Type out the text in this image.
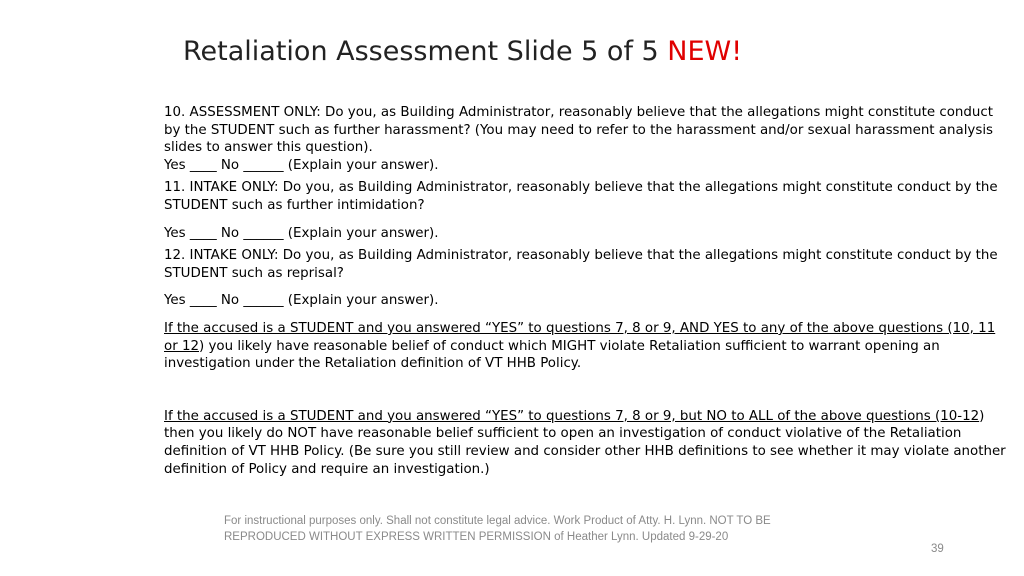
Retaliation Assessment Slide 5 of 5 NEW!

10. ASSESSMENT ONLY: Do you, as Building Administrator, reasonably believe that the allegations might constitute conduct by the STUDENT such as further harassment? (You may need to refer to the harassment and/or sexual harassment analysis slides to answer this question).

Yes ____ No ______ (Explain your answer).

11. INTAKE ONLY: Do you, as Building Administrator, reasonably believe that the allegations might constitute conduct by the STUDENT such as further intimidation?

Yes ____ No ______ (Explain your answer).

12. INTAKE ONLY: Do you, as Building Administrator, reasonably believe that the allegations might constitute conduct by the STUDENT such as reprisal?

Yes ____ No ______ (Explain your answer).

If the accused is a STUDENT and you answered “YES” to questions 7, 8 or 9, AND YES to any of the above questions (10, 11 or 12) you likely have reasonable belief of conduct which MIGHT violate Retaliation sufficient to warrant opening an investigation under the Retaliation definition of VT HHB Policy.

If the accused is a STUDENT and you answered “YES” to questions 7, 8 or 9, but NO to ALL of the above questions (10-12) then you likely do NOT have reasonable belief sufficient to open an investigation of conduct violative of the Retaliation definition of VT HHB Policy. (Be sure you still review and consider other HHB definitions to see whether it may violate another definition of Policy and require an investigation.)

For instructional purposes only. Shall not constitute legal advice. Work Product of Atty. H. Lynn. NOT TO BE REPRODUCED WITHOUT EXPRESS WRITTEN PERMISSION of Heather Lynn. Updated 9-29-20
39
